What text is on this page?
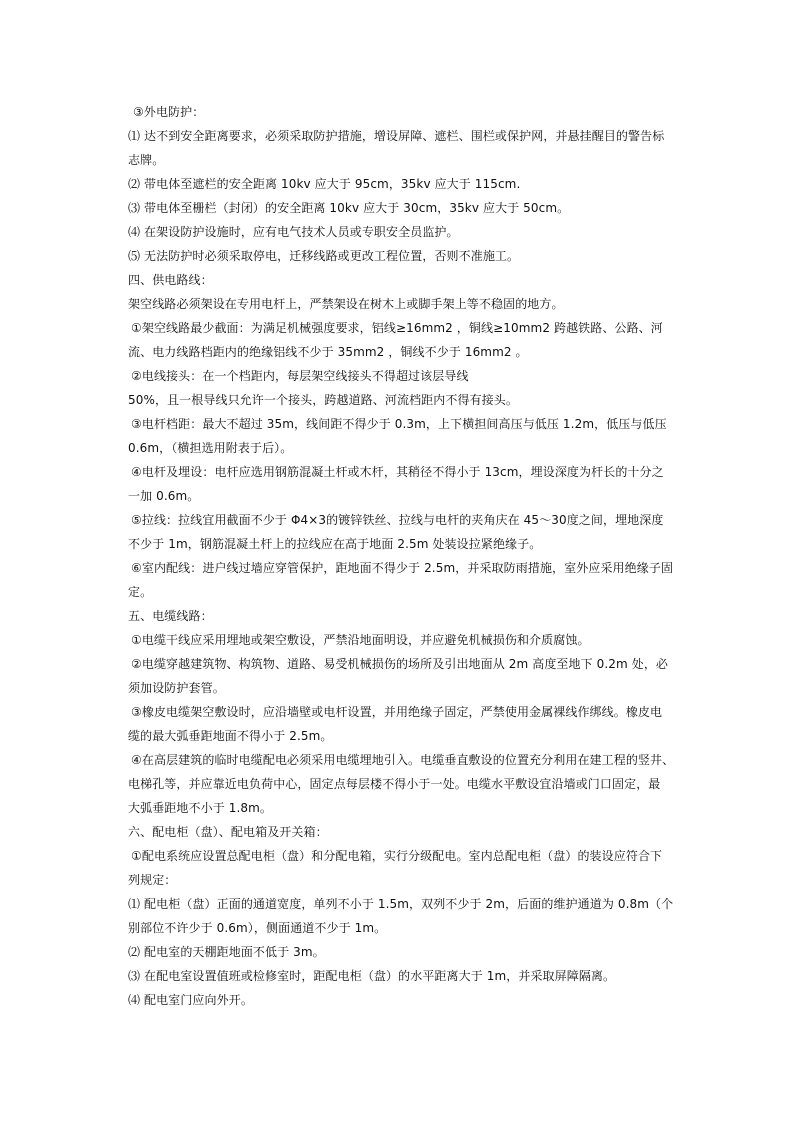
③外电防护：
⑴ 达不到安全距离要求，必须采取防护措施，增设屏障、遮栏、围栏或保护网，并悬挂醒目的警告标
志牌。
⑵ 带电体至遮栏的安全距离 10kv 应大于 95cm，35kv 应大于 115cm.
⑶ 带电体至栅栏（封闭）的安全距离 10kv 应大于 30cm，35kv 应大于 50cm。
⑷ 在架设防护设施时，应有电气技术人员或专职安全员监护。
⑸ 无法防护时必须采取停电，迁移线路或更改工程位置，否则不准施工。
四、供电路线：
架空线路必须架设在专用电杆上，严禁架设在树木上或脚手架上等不稳固的地方。
①架空线路最少截面：为满足机械强度要求，铝线≥16mm2 ，铜线≥10mm2 跨越铁路、公路、河
流、电力线路档距内的绝缘铝线不少于 35mm2 ，铜线不少于 16mm2 。
②电线接头：在一个档距内，每层架空线接头不得超过该层导线
50%，且一根导线只允许一个接头，跨越道路、河流档距内不得有接头。
③电杆档距：最大不超过 35m，线间距不得少于 0.3m，上下横担间高压与低压 1.2m，低压与低压
0.6m，（横担选用附表于后）。
④电杆及埋设：电杆应选用钢筋混凝土杆或木杆，其稍径不得小于 13cm，埋设深度为杆长的十分之
一加 0.6m。
⑤拉线：拉线宜用截面不少于 Φ4×3的镀锌铁丝、拉线与电杆的夹角庆在 45～30度之间，埋地深度
不少于 1m，钢筋混凝土杆上的拉线应在高于地面 2.5m 处装设拉紧绝缘子。
⑥室内配线：进户线过墙应穿管保护，距地面不得少于 2.5m，并采取防雨措施，室外应采用绝缘子固
定。
五、电缆线路：
①电缆干线应采用埋地或架空敷设，严禁沿地面明设，并应避免机械损伤和介质腐蚀。
②电缆穿越建筑物、构筑物、道路、易受机械损伤的场所及引出地面从 2m 高度至地下 0.2m 处，必
须加设防护套管。
③橡皮电缆架空敷设时，应沿墙壁或电杆设置，并用绝缘子固定，严禁使用金属裸线作绑线。橡皮电
缆的最大弧垂距地面不得小于 2.5m。
④在高层建筑的临时电缆配电必须采用电缆埋地引入。电缆垂直敷设的位置充分利用在建工程的竖井、
电梯孔等，并应靠近电负荷中心，固定点每层楼不得小于一处。电缆水平敷设宜沿墙或门口固定，最
大弧垂距地不小于 1.8m。
六、配电柜（盘）、配电箱及开关箱：
①配电系统应设置总配电柜（盘）和分配电箱，实行分级配电。室内总配电柜（盘）的装设应符合下
列规定：
⑴ 配电柜（盘）正面的通道宽度，单列不小于 1.5m，双列不少于 2m，后面的维护通道为 0.8m（个
别部位不许少于 0.6m），侧面通道不少于 1m。
⑵ 配电室的天棚距地面不低于 3m。
⑶ 在配电室设置值班或检修室时，距配电柜（盘）的水平距离大于 1m，并采取屏障隔离。
⑷ 配电室门应向外开。
